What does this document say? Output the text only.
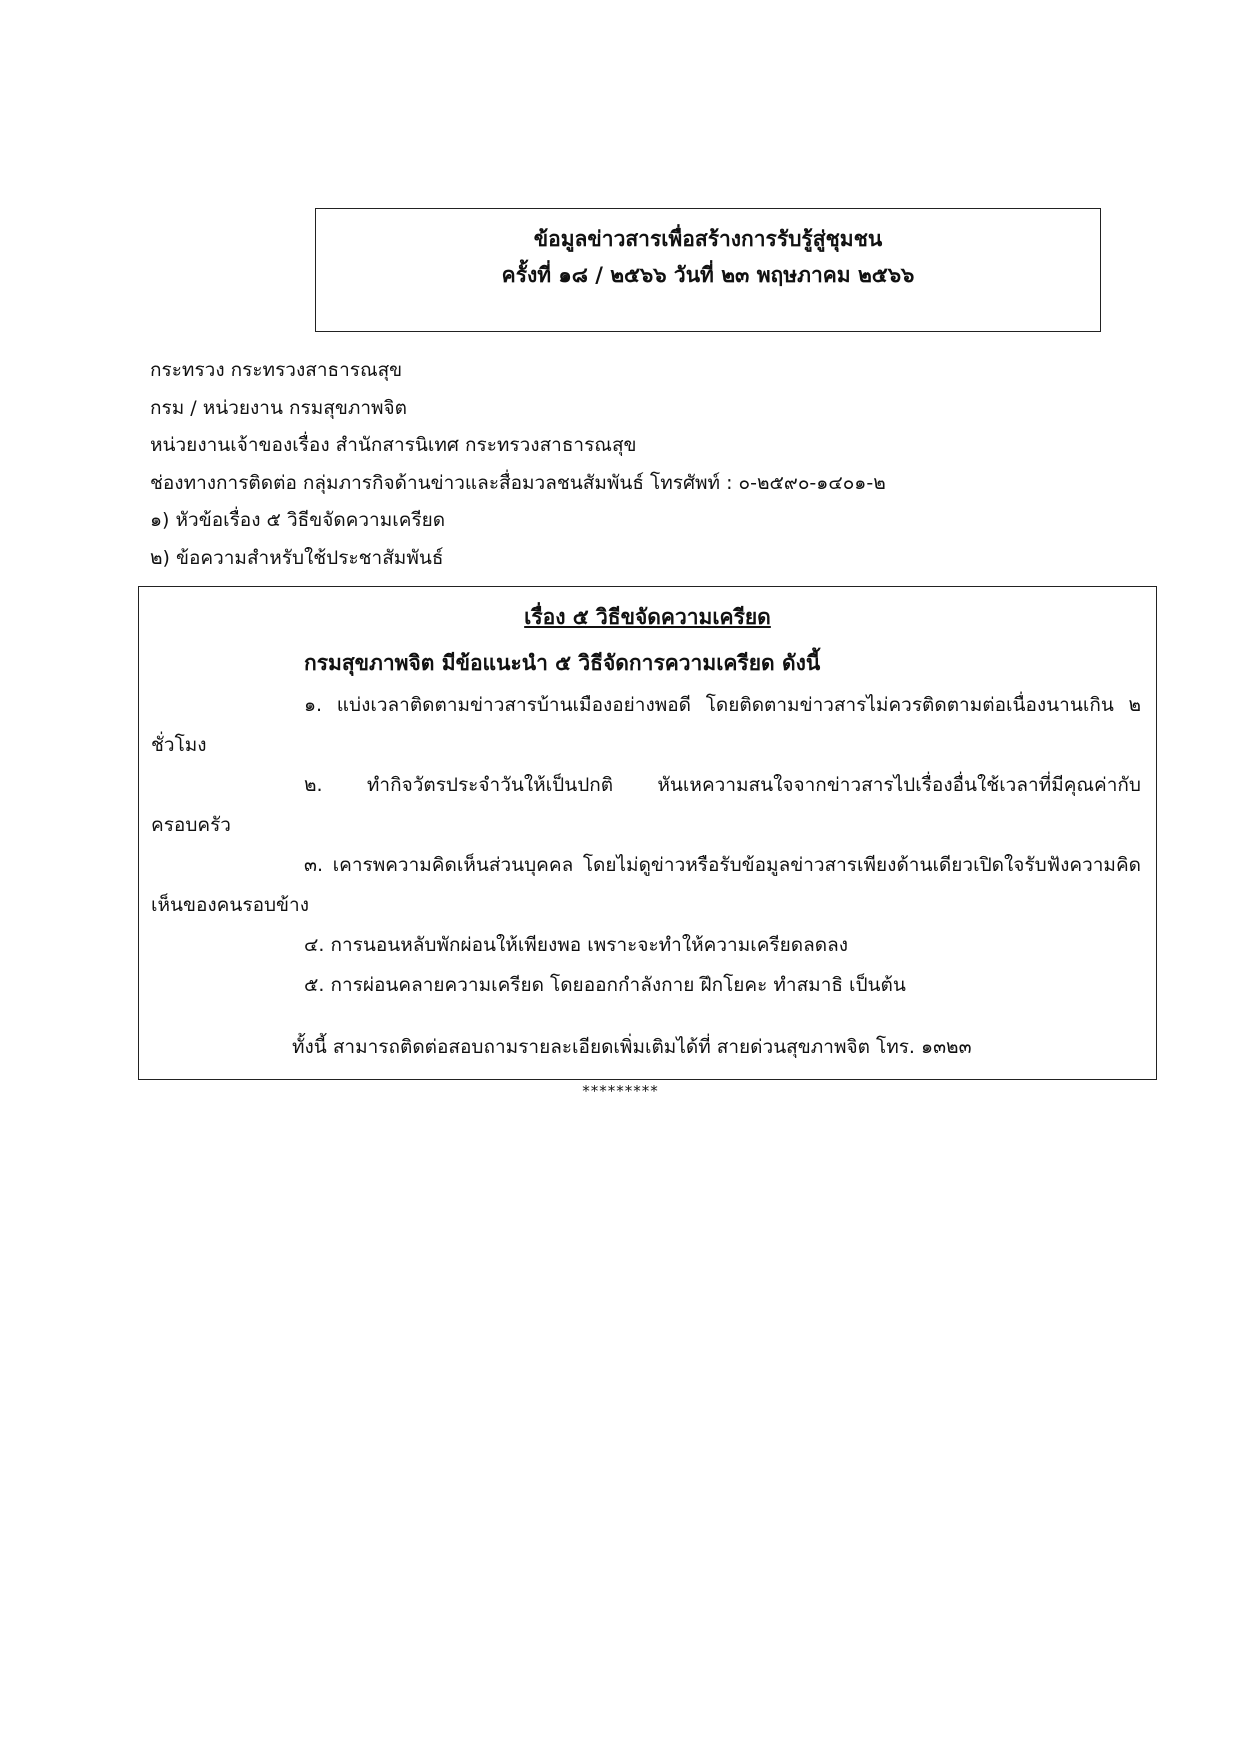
ข้อมูลข่าวสารเพื่อสร้างการรับรู้สู่ชุมชน
ครั้งที่ ๑๘ / ๒๕๖๖ วันที่ ๒๓ พฤษภาคม ๒๕๖๖
กระทรวง กระทรวงสาธารณสุข
กรม / หน่วยงาน กรมสุขภาพจิต
หน่วยงานเจ้าของเรื่อง สำนักสารนิเทศ กระทรวงสาธารณสุข
ช่องทางการติดต่อ กลุ่มภารกิจด้านข่าวและสื่อมวลชนสัมพันธ์ โทรศัพท์ : ๐-๒๕๙๐-๑๔๐๑-๒
๑) หัวข้อเรื่อง ๕ วิธีขจัดความเครียด
๒) ข้อความสำหรับใช้ประชาสัมพันธ์
เรื่อง ๕ วิธีขจัดความเครียด
กรมสุขภาพจิต มีข้อแนะนำ ๕ วิธีจัดการความเครียด ดังนี้

๑. แบ่งเวลาติดตามข่าวสารบ้านเมืองอย่างพอดี โดยติดตามข่าวสารไม่ควรติดตามต่อเนื่องนานเกิน ๒ ชั่วโมง

๒. ทำกิจวัตรประจำวันให้เป็นปกติ หันเหความสนใจจากข่าวสารไปเรื่องอื่นใช้เวลาที่มีคุณค่ากับครอบครัว

๓. เคารพความคิดเห็นส่วนบุคคล โดยไม่ดูข่าวหรือรับข้อมูลข่าวสารเพียงด้านเดียวเปิดใจรับฟังความคิดเห็นของคนรอบข้าง

๔. การนอนหลับพักผ่อนให้เพียงพอ เพราะจะทำให้ความเครียดลดลง

๕. การผ่อนคลายความเครียด โดยออกกำลังกาย ฝึกโยคะ ทำสมาธิ เป็นต้น

ทั้งนี้ สามารถติดต่อสอบถามรายละเอียดเพิ่มเติมได้ที่ สายด่วนสุขภาพจิต โทร. ๑๓๒๓
*********
